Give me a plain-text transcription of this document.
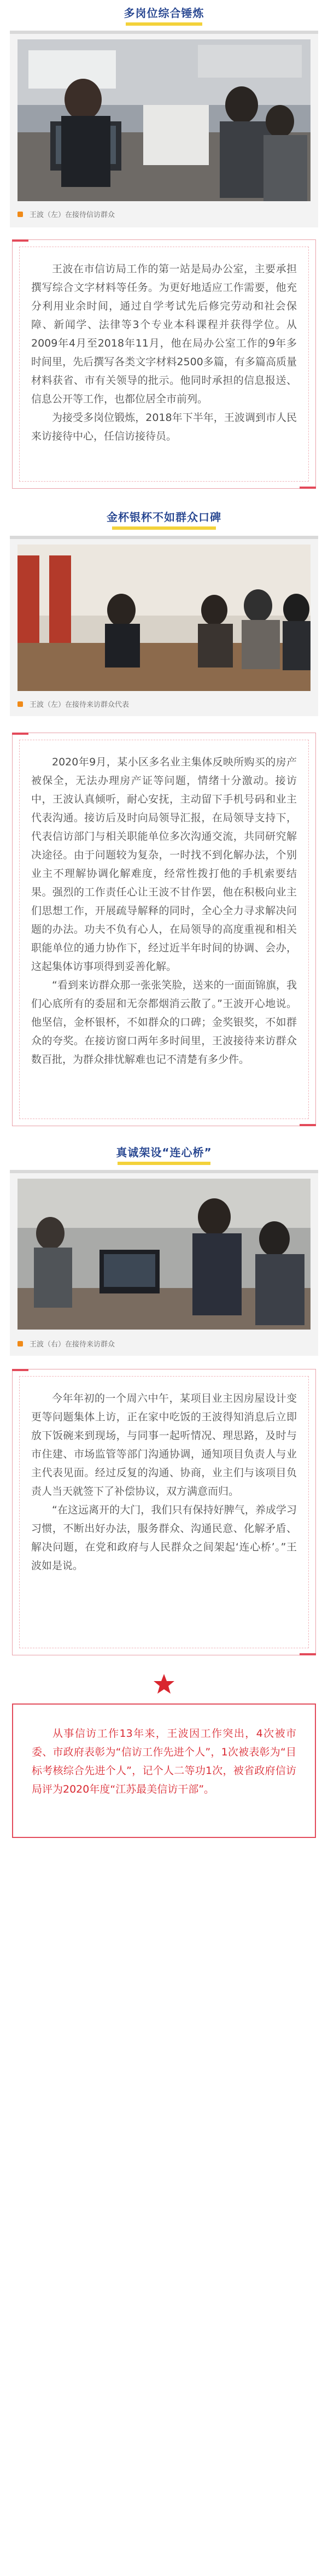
多岗位综合锤炼
王波（左）在接待信访群众

王波在市信访局工作的第一站是局办公室，主要承担撰写综合文字材料等任务。为更好地适应工作需要，他充分利用业余时间，通过自学考试先后修完劳动和社会保障、新闻学、法律等3个专业本科课程并获得学位。从2009年4月至2018年11月，他在局办公室工作的9年多时间里，先后撰写各类文字材料2500多篇，有多篇高质量材料获省、市有关领导的批示。他同时承担的信息报送、信息公开等工作，也都位居全市前列。

为接受多岗位锻炼，2018年下半年，王波调到市人民来访接待中心，任信访接待员。

金杯银杯不如群众口碑
王波（左）在接待来访群众代表

2020年9月，某小区多名业主集体反映所购买的房产被保全，无法办理房产证等问题，情绪十分激动。接访中，王波认真倾听，耐心安抚，主动留下手机号码和业主代表沟通。接访后及时向局领导汇报，在局领导支持下，代表信访部门与相关职能单位多次沟通交流，共同研究解决途径。由于问题较为复杂，一时找不到化解办法，个别业主不理解协调化解难度，经常性拨打他的手机索要结果。强烈的工作责任心让王波不甘作罢，他在积极向业主们思想工作，开展疏导解释的同时，全心全力寻求解决问题的办法。功夫不负有心人，在局领导的高度重视和相关职能单位的通力协作下，经过近半年时间的协调、会办，这起集体访事项得到妥善化解。

“看到来访群众那一张张笑脸，送来的一面面锦旗，我们心底所有的委屈和无奈都烟消云散了。”王波开心地说。他坚信，金杯银杯，不如群众的口碑；金奖银奖，不如群众的夸奖。在接访窗口两年多时间里，王波接待来访群众数百批，为群众排忧解难也记不清楚有多少件。

真诚架设“连心桥”
王波（右）在接待来访群众

今年年初的一个周六中午，某项目业主因房屋设计变更等问题集体上访，正在家中吃饭的王波得知消息后立即放下饭碗来到现场，与同事一起听情况、理思路，及时与市住建、市场监管等部门沟通协调，通知项目负责人与业主代表见面。经过反复的沟通、协商，业主们与该项目负责人当天就签下了补偿协议，双方满意而归。

“在这远离开的大门，我们只有保持好脾气，养成学习习惯，不断出好办法，服务群众、沟通民意、化解矛盾、解决问题，在党和政府与人民群众之间架起‘连心桥’。”王波如是说。

从事信访工作13年来，王波因工作突出，4次被市委、市政府表彰为“信访工作先进个人”，1次被表彰为“目标考核综合先进个人”，记个人二等功1次，被省政府信访局评为2020年度“江苏最美信访干部”。
